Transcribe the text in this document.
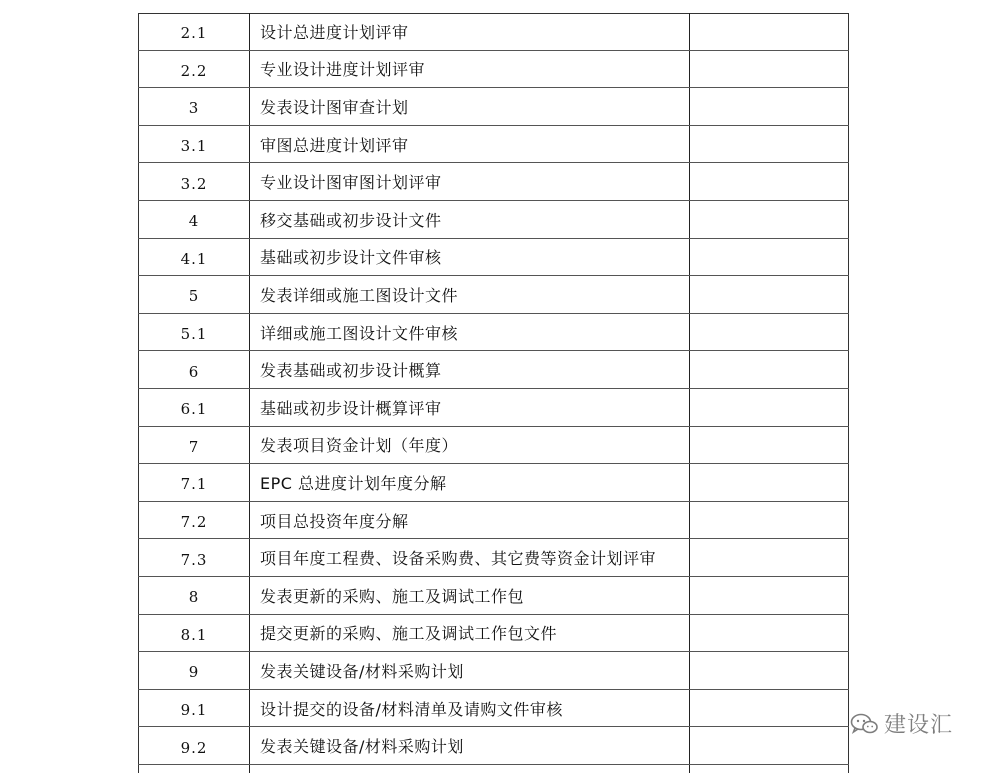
2.1	设计总进度计划评审
2.2	专业设计进度计划评审
3	发表设计图审查计划
3.1	审图总进度计划评审
3.2	专业设计图审图计划评审
4	移交基础或初步设计文件
4.1	基础或初步设计文件审核
5	发表详细或施工图设计文件
5.1	详细或施工图设计文件审核
6	发表基础或初步设计概算
6.1	基础或初步设计概算评审
7	发表项目资金计划（年度）
7.1	EPC 总进度计划年度分解
7.2	项目总投资年度分解
7.3	项目年度工程费、设备采购费、其它费等资金计划评审
8	发表更新的采购、施工及调试工作包
8.1	提交更新的采购、施工及调试工作包文件
9	发表关键设备/材料采购计划
9.1	设计提交的设备/材料清单及请购文件审核
9.2	发表关键设备/材料采购计划
建设汇
